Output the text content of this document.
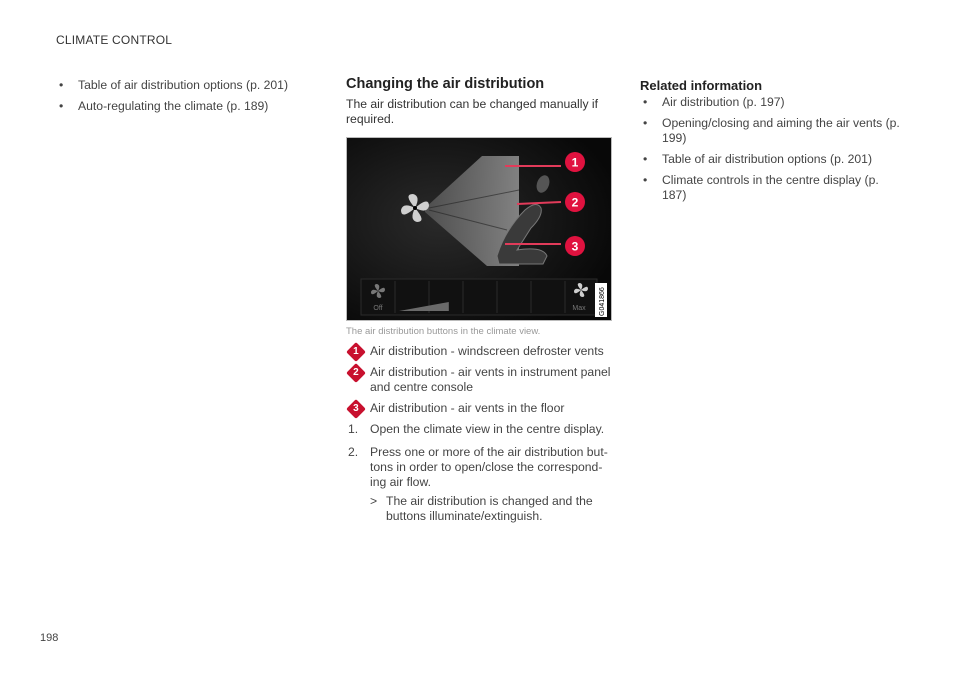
CLIMATE CONTROL
• Table of air distribution options (p. 201)
• Auto-regulating the climate (p. 189)
Changing the air distribution

The air distribution can be changed manually if required.

1
2
3
Off	Max G041866
The air distribution buttons in the climate view.
1 Air distribution - windscreen defroster vents
2 Air distribution - air vents in instrument panel and centre console
3 Air distribution - air vents in the floor
1. Open the climate view in the centre display.
2. Press one or more of the air distribution but-tons in order to open/close the correspond-ing air flow.
> The air distribution is changed and the buttons illuminate/extinguish.
Related information
• Air distribution (p. 197)
• Opening/closing and aiming the air vents (p. 199)
• Table of air distribution options (p. 201)
• Climate controls in the centre display (p. 187)
198
